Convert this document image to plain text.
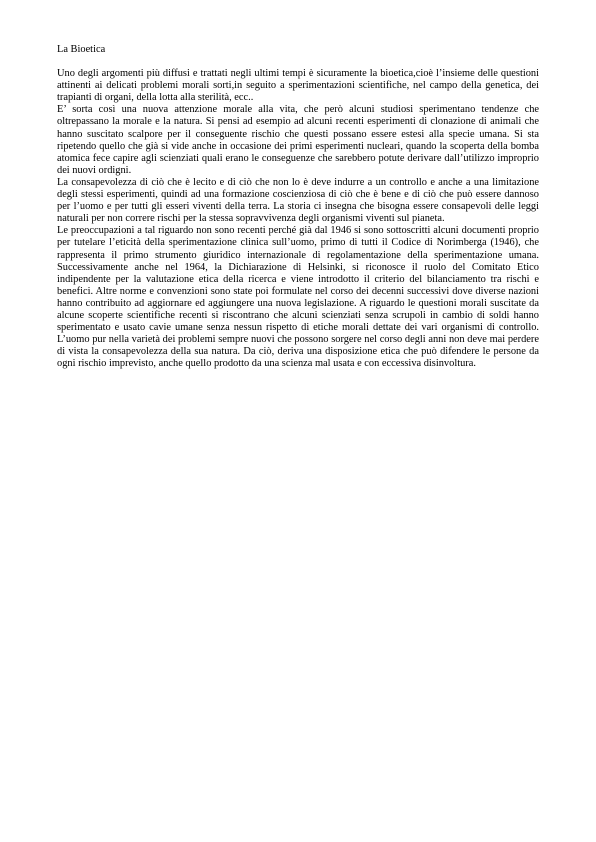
La Bioetica

Uno degli argomenti più diffusi e trattati negli ultimi tempi è sicuramente la bioetica,cioè l’insieme delle questioni attinenti ai delicati problemi morali sorti,in seguito a sperimentazioni scientifiche, nel campo della genetica, dei trapianti di organi, della lotta alla sterilità, ecc..

E’ sorta così una nuova attenzione morale alla vita, che però alcuni studiosi sperimentano tendenze che oltrepassano la morale e la natura. Si pensi ad esempio ad alcuni recenti esperimenti di clonazione di animali che hanno suscitato scalpore per il conseguente rischio che questi possano essere estesi alla specie umana. Si sta ripetendo quello che già si vide anche in occasione dei primi esperimenti nucleari, quando la scoperta della bomba atomica fece capire agli scienziati quali erano le conseguenze che sarebbero potute derivare dall’utilizzo improprio dei nuovi ordigni.

La consapevolezza di ciò che è lecito e di ciò che non lo è deve indurre a un controllo e anche a una limitazione degli stessi esperimenti, quindi ad una formazione coscienziosa di ciò che è bene e di ciò che può essere dannoso per l’uomo e per tutti gli esseri viventi della terra. La storia ci insegna che bisogna essere consapevoli delle leggi naturali per non correre rischi per la stessa sopravvivenza degli organismi viventi sul pianeta.

Le preoccupazioni a tal riguardo non sono recenti perché già dal 1946 si sono sottoscritti alcuni documenti proprio per tutelare l’eticità della sperimentazione clinica sull’uomo, primo di tutti il Codice di Norimberga (1946), che rappresenta il primo strumento giuridico internazionale di regolamentazione della sperimentazione umana. Successivamente anche nel 1964, la Dichiarazione di Helsinki, si riconosce il ruolo del Comitato Etico indipendente per la valutazione etica della ricerca e viene introdotto il criterio del bilanciamento tra rischi e benefici. Altre norme e convenzioni sono state poi formulate nel corso dei decenni successivi dove diverse nazioni hanno contribuito ad aggiornare ed aggiungere una nuova legislazione. A riguardo le questioni morali suscitate da alcune scoperte scientifiche recenti si riscontrano che alcuni scienziati senza scrupoli in cambio di soldi hanno sperimentato e usato cavie umane senza nessun rispetto di etiche morali dettate dei vari organismi di controllo. L’uomo pur nella varietà dei problemi sempre nuovi che possono sorgere nel corso degli anni non deve mai perdere di vista la consapevolezza della sua natura. Da ciò, deriva una disposizione etica che può difendere le persone da ogni rischio imprevisto, anche quello prodotto da una scienza mal usata e con eccessiva disinvoltura.
